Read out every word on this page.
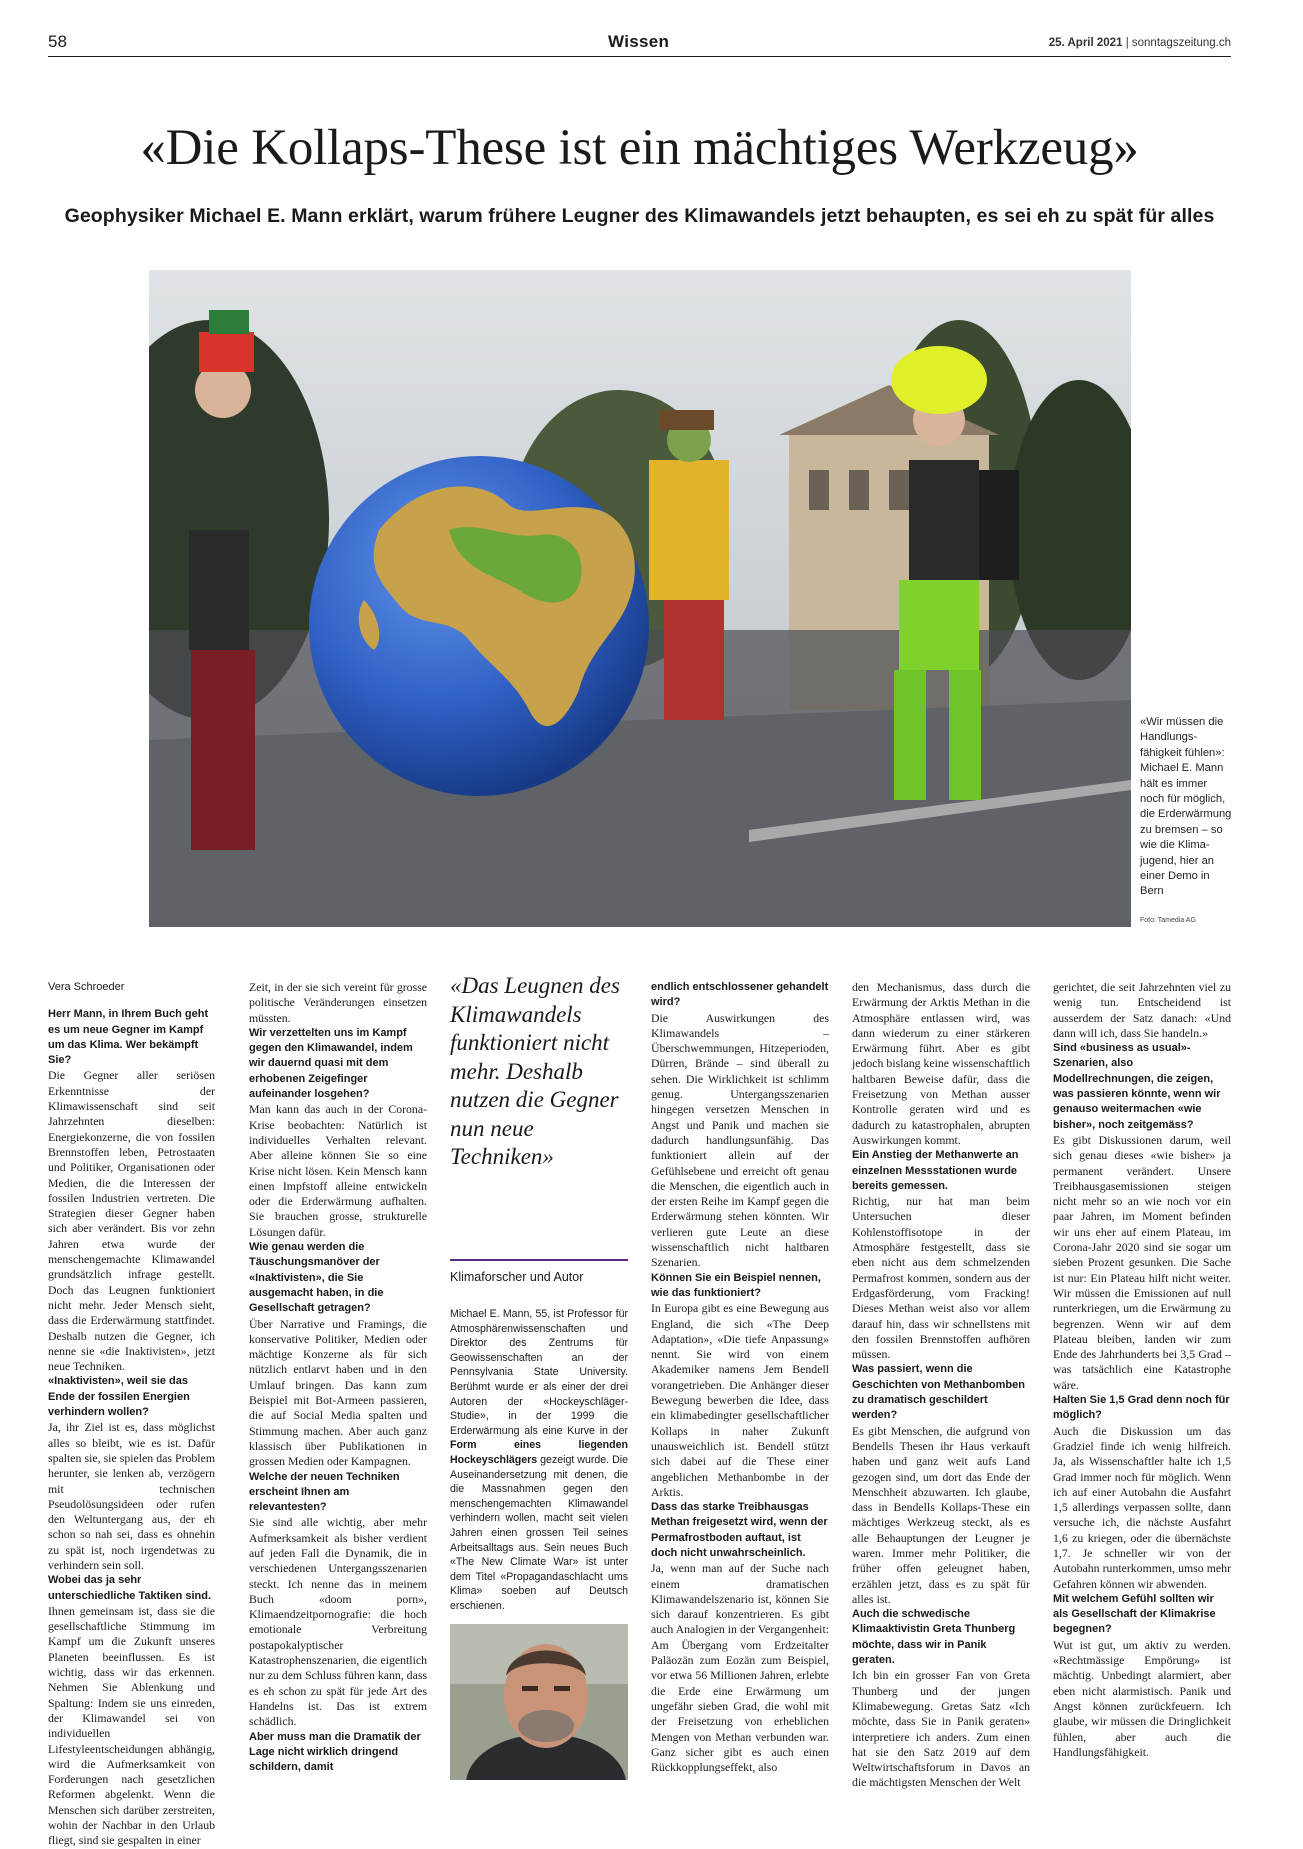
58	Wissen	25. April 2021 | sonntagszeitung.ch
«Die Kollaps-These ist ein mächtiges Werkzeug»
Geophysiker Michael E. Mann erklärt, warum frühere Leugner des Klimawandels jetzt behaupten, es sei eh zu spät für alles
«Wir müssen die Handlungsfähigkeit fühlen»: Michael E. Mann hält es immer noch für möglich, die Erderwärmung zu bremsen – so wie die Klimajugend, hier an einer Demo in Bern
Foto: Tamedia AG
Vera Schroeder

Herr Mann, in Ihrem Buch geht es um neue Gegner im Kampf um das Klima. Wer bekämpft Sie?

Die Gegner aller seriösen Erkenntnisse der Klimawissenschaft sind seit Jahrzehnten dieselben: Energiekonzerne, die von fossilen Brennstoffen leben, Petrostaaten und Politiker, Organisationen oder Medien, die die Interessen der fossilen Industrien vertreten. Die Strategien dieser Gegner haben sich aber verändert. Bis vor zehn Jahren etwa wurde der menschengemachte Klimawandel grundsätzlich infrage gestellt. Doch das Leugnen funktioniert nicht mehr. Jeder Mensch sieht, dass die Erderwärmung stattfindet. Deshalb nutzen die Gegner, ich nenne sie «die Inaktivisten», jetzt neue Techniken.

«Inaktivisten», weil sie das Ende der fossilen Energien verhindern wollen?

Ja, ihr Ziel ist es, dass möglichst alles so bleibt, wie es ist. Dafür spalten sie, sie spielen das Problem herunter, sie lenken ab, verzögern mit technischen Pseudolösungsideen oder rufen den Weltuntergang aus, der eh schon so nah sei, dass es ohnehin zu spät ist, noch irgendetwas zu verhindern sein soll.

Wobei das ja sehr unterschiedliche Taktiken sind.

Ihnen gemeinsam ist, dass sie die gesellschaftliche Stimmung im Kampf um die Zukunft unseres Planeten beeinflussen. Es ist wichtig, dass wir das erkennen. Nehmen Sie Ablenkung und Spaltung: Indem sie uns einreden, der Klimawandel sei von individuellen Lifestyleentscheidungen abhängig, wird die Aufmerksamkeit von Forderungen nach gesetzlichen Reformen abgelenkt. Wenn die Menschen sich darüber zerstreiten, wohin der Nachbar in den Urlaub fliegt, sind sie gespalten in einer

Zeit, in der sie sich vereint für grosse politische Veränderungen einsetzen müssten.

Wir verzettelten uns im Kampf gegen den Klimawandel, indem wir dauernd quasi mit dem erhobenen Zeigefinger aufeinander losgehen?

Man kann das auch in der Corona-Krise beobachten: Natürlich ist individuelles Verhalten relevant. Aber alleine können Sie so eine Krise nicht lösen. Kein Mensch kann einen Impfstoff alleine entwickeln oder die Erderwärmung aufhalten. Sie brauchen grosse, strukturelle Lösungen dafür.

Wie genau werden die Täuschungsmanöver der «Inaktivisten», die Sie ausgemacht haben, in die Gesellschaft getragen?

Über Narrative und Framings, die konservative Politiker, Medien oder mächtige Konzerne als für sich nützlich entlarvt haben und in den Umlauf bringen. Das kann zum Beispiel mit Bot-Armeen passieren, die auf Social Media spalten und Stimmung machen. Aber auch ganz klassisch über Publikationen in grossen Medien oder Kampagnen.

Welche der neuen Techniken erscheint Ihnen am relevantesten?

Sie sind alle wichtig, aber mehr Aufmerksamkeit als bisher verdient auf jeden Fall die Dynamik, die in verschiedenen Untergangsszenarien steckt. Ich nenne das in meinem Buch «doom porn», Klimaendzeitpornografie: die hoch emotionale Verbreitung postapokalyptischer Katastrophenszenarien, die eigentlich nur zu dem Schluss führen kann, dass es eh schon zu spät für jede Art des Handelns ist. Das ist extrem schädlich.

Aber muss man die Dramatik der Lage nicht wirklich dringend schildern, damit

«Das Leugnen des Klimawandels funktioniert nicht mehr. Deshalb nutzen die Gegner nun neue Techniken»
Klimaforscher und Autor
Michael E. Mann, 55, ist Professor für Atmosphärenwissenschaften und Direktor des Zentrums für Geowissenschaften an der Pennsylvania State University. Berühmt wurde er als einer der drei Autoren der «Hockeyschläger-Studie», in der 1999 die Erderwärmung als eine Kurve in der Form eines liegenden Hockeyschlägers gezeigt wurde. Die Auseinandersetzung mit denen, die die Massnahmen gegen den menschengemachten Klimawandel verhindern wollen, macht seit vielen Jahren einen grossen Teil seines Arbeitsalltags aus. Sein neues Buch «The New Climate War» ist unter dem Titel «Propagandaschlacht ums Klima» soeben auf Deutsch erschienen.

endlich entschlossener gehandelt wird?

Die Auswirkungen des Klimawandels – Überschwemmungen, Hitzeperioden, Dürren, Brände – sind überall zu sehen. Die Wirklichkeit ist schlimm genug. Untergangsszenarien hingegen versetzen Menschen in Angst und Panik und machen sie dadurch handlungsunfähig. Das funktioniert allein auf der Gefühlsebene und erreicht oft genau die Menschen, die eigentlich auch in der ersten Reihe im Kampf gegen die Erderwärmung stehen könnten. Wir verlieren gute Leute an diese wissenschaftlich nicht haltbaren Szenarien.

Können Sie ein Beispiel nennen, wie das funktioniert?

In Europa gibt es eine Bewegung aus England, die sich «The Deep Adaptation», «Die tiefe Anpassung» nennt. Sie wird von einem Akademiker namens Jem Bendell vorangetrieben. Die Anhänger dieser Bewegung bewerben die Idee, dass ein klimabedingter gesellschaftlicher Kollaps in naher Zukunft unausweichlich ist. Bendell stützt sich dabei auf die These einer angeblichen Methanbombe in der Arktis.

Dass das starke Treibhausgas Methan freigesetzt wird, wenn der Permafrostboden auftaut, ist doch nicht unwahrscheinlich.

Ja, wenn man auf der Suche nach einem dramatischen Klimawandelszenario ist, können Sie sich darauf konzentrieren. Es gibt auch Analogien in der Vergangenheit: Am Übergang vom Erdzeitalter Paläozän zum Eozän zum Beispiel, vor etwa 56 Millionen Jahren, erlebte die Erde eine Erwärmung um ungefähr sieben Grad, die wohl mit der Freisetzung von erheblichen Mengen von Methan verbunden war. Ganz sicher gibt es auch einen Rückkopplungseffekt, also

den Mechanismus, dass durch die Erwärmung der Arktis Methan in die Atmosphäre entlassen wird, was dann wiederum zu einer stärkeren Erwärmung führt. Aber es gibt jedoch bislang keine wissenschaftlich haltbaren Beweise dafür, dass die Freisetzung von Methan ausser Kontrolle geraten wird und es dadurch zu katastrophalen, abrupten Auswirkungen kommt.

Ein Anstieg der Methanwerte an einzelnen Messstationen wurde bereits gemessen.

Richtig, nur hat man beim Untersuchen dieser Kohlenstoffisotope in der Atmosphäre festgestellt, dass sie eben nicht aus dem schmelzenden Permafrost kommen, sondern aus der Erdgasförderung, vom Fracking! Dieses Methan weist also vor allem darauf hin, dass wir schnellstens mit den fossilen Brennstoffen aufhören müssen.

Was passiert, wenn die Geschichten von Methanbomben zu dramatisch geschildert werden?

Es gibt Menschen, die aufgrund von Bendells Thesen ihr Haus verkauft haben und ganz weit aufs Land gezogen sind, um dort das Ende der Menschheit abzuwarten. Ich glaube, dass in Bendells Kollaps-These ein mächtiges Werkzeug steckt, als es alle Behauptungen der Leugner je waren. Immer mehr Politiker, die früher offen geleugnet haben, erzählen jetzt, dass es zu spät für alles ist.

Auch die schwedische Klimaaktivistin Greta Thunberg möchte, dass wir in Panik geraten.

Ich bin ein grosser Fan von Greta Thunberg und der jungen Klimabewegung. Gretas Satz «Ich möchte, dass Sie in Panik geraten» interpretiere ich anders. Zum einen hat sie den Satz 2019 auf dem Weltwirtschaftsforum in Davos an die mächtigsten Menschen der Welt

gerichtet, die seit Jahrzehnten viel zu wenig tun. Entscheidend ist ausserdem der Satz danach: «Und dann will ich, dass Sie handeln.»

Sind «business as usual»-Szenarien, also Modellrechnungen, die zeigen, was passieren könnte, wenn wir genauso weitermachen «wie bisher», noch zeitgemäss?

Es gibt Diskussionen darum, weil sich genau dieses «wie bisher» ja permanent verändert. Unsere Treibhausgasemissionen steigen nicht mehr so an wie noch vor ein paar Jahren, im Moment befinden wir uns eher auf einem Plateau, im Corona-Jahr 2020 sind sie sogar um sieben Prozent gesunken. Die Sache ist nur: Ein Plateau hilft nicht weiter. Wir müssen die Emissionen auf null runterkriegen, um die Erwärmung zu begrenzen. Wenn wir auf dem Plateau bleiben, landen wir zum Ende des Jahrhunderts bei 3,5 Grad – was tatsächlich eine Katastrophe wäre.

Halten Sie 1,5 Grad denn noch für möglich?

Auch die Diskussion um das Gradziel finde ich wenig hilfreich. Ja, als Wissenschaftler halte ich 1,5 Grad immer noch für möglich. Wenn ich auf einer Autobahn die Ausfahrt 1,5 allerdings verpassen sollte, dann versuche ich, die nächste Ausfahrt 1,6 zu kriegen, oder die übernächste 1,7. Je schneller wir von der Autobahn runterkommen, umso mehr Gefahren können wir abwenden.

Mit welchem Gefühl sollten wir als Gesellschaft der Klimakrise begegnen?

Wut ist gut, um aktiv zu werden. «Rechtmässige Empörung» ist mächtig. Unbedingt alarmiert, aber eben nicht alarmistisch. Panik und Angst können zurückfeuern. Ich glaube, wir müssen die Dringlichkeit fühlen, aber auch die Handlungsfähigkeit.
